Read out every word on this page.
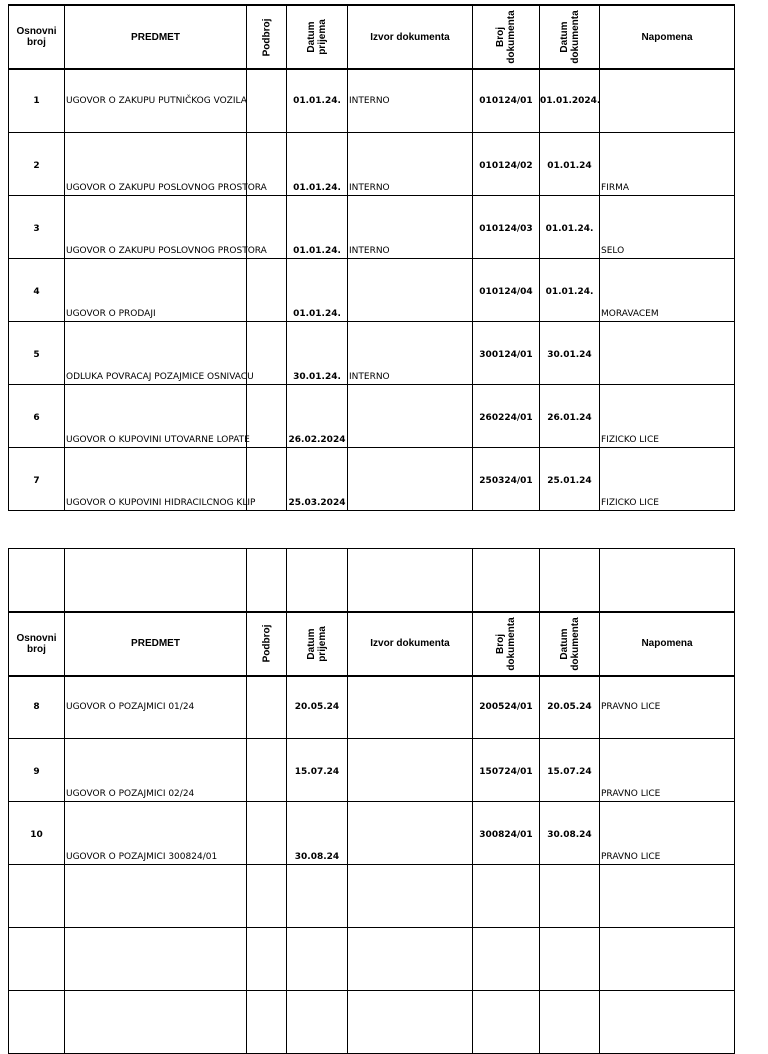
Osnovni broj	PREDMET	Podbroj	Datum prijema	Izvor dokumenta	Broj dokumenta	Datum dokumenta	Napomena
1	UGOVOR O ZAKUPU PUTNIČKOG VOZILA		01.01.24.	INTERNO	010124/01	01.01.2024.	
2	UGOVOR O ZAKUPU POSLOVNOG PROSTORA		01.01.24.	INTERNO	010124/02	01.01.24	FIRMA
3	UGOVOR O ZAKUPU POSLOVNOG PROSTORA		01.01.24.	INTERNO	010124/03	01.01.24.	SELO
4	UGOVOR O PRODAJI		01.01.24.		010124/04	01.01.24.	MORAVACEM
5	ODLUKA POVRACAJ POZAJMICE OSNIVACU		30.01.24.	INTERNO	300124/01	30.01.24	
6	UGOVOR O KUPOVINI UTOVARNE LOPATE		26.02.2024		260224/01	26.01.24	FIZICKO LICE
7	UGOVOR O KUPOVINI HIDRACILCNOG KLIP		25.03.2024		250324/01	25.01.24	FIZICKO LICE

Osnovni broj	PREDMET	Podbroj	Datum prijema	Izvor dokumenta	Broj dokumenta	Datum dokumenta	Napomena
8	UGOVOR O POZAJMICI 01/24		20.05.24		200524/01	20.05.24	PRAVNO LICE
9	UGOVOR O POZAJMICI 02/24		15.07.24		150724/01	15.07.24	PRAVNO LICE
10	UGOVOR O POZAJMICI 300824/01		30.08.24		300824/01	30.08.24	PRAVNO LICE
